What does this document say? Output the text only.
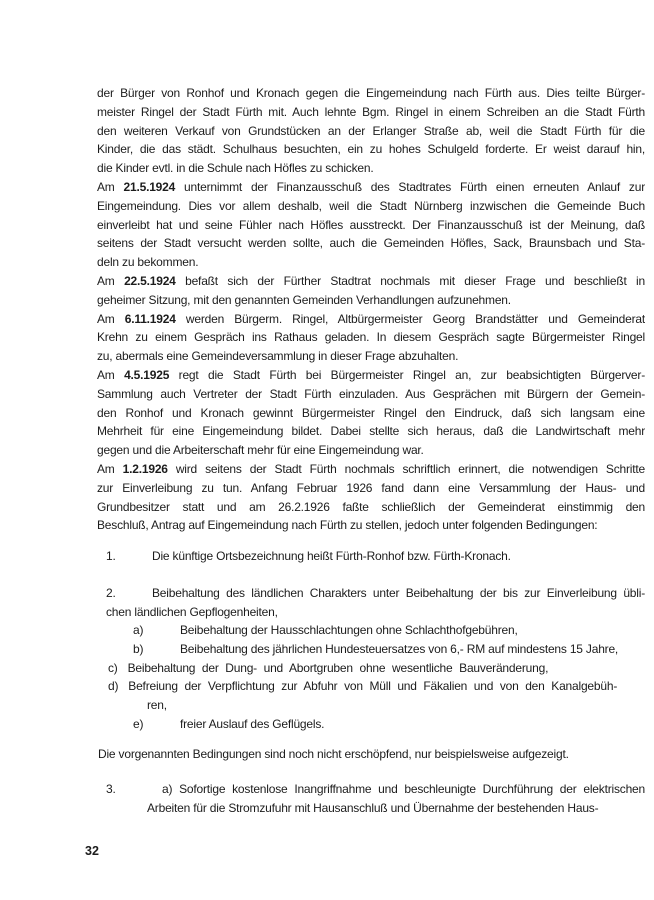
der Bürger von Ronhof und Kronach gegen die Eingemeindung nach Fürth aus. Dies teilte Bürger-
meister Ringel der Stadt Fürth mit. Auch lehnte Bgm. Ringel in einem Schreiben an die Stadt Fürth
den weiteren Verkauf von Grundstücken an der Erlanger Straße ab, weil die Stadt Fürth für die
Kinder, die das städt. Schulhaus besuchten, ein zu hohes Schulgeld forderte. Er weist darauf hin,
die Kinder evtl. in die Schule nach Höfles zu schicken.
Am 21.5.1924 unternimmt der Finanzausschuß des Stadtrates Fürth einen erneuten Anlauf zur
Eingemeindung. Dies vor allem deshalb, weil die Stadt Nürnberg inzwischen die Gemeinde Buch
einverleibt hat und seine Fühler nach Höfles ausstreckt. Der Finanzausschuß ist der Meinung, daß
seitens der Stadt versucht werden sollte, auch die Gemeinden Höfles, Sack, Braunsbach und Sta-
deln zu bekommen.
Am 22.5.1924 befaßt sich der Fürther Stadtrat nochmals mit dieser Frage und beschließt in
geheimer Sitzung, mit den genannten Gemeinden Verhandlungen aufzunehmen.
Am 6.11.1924 werden Bürgerm. Ringel, Altbürgermeister Georg Brandstätter und Gemeinderat
Krehn zu einem Gespräch ins Rathaus geladen. In diesem Gespräch sagte Bürgermeister Ringel
zu, abermals eine Gemeindeversammlung in dieser Frage abzuhalten.
Am 4.5.1925 regt die Stadt Fürth bei Bürgermeister Ringel an, zur beabsichtigten Bürgerver-
Sammlung auch Vertreter der Stadt Fürth einzuladen. Aus Gesprächen mit Bürgern der Gemein-
den Ronhof und Kronach gewinnt Bürgermeister Ringel den Eindruck, daß sich langsam eine
Mehrheit für eine Eingemeindung bildet. Dabei stellte sich heraus, daß die Landwirtschaft mehr
gegen und die Arbeiterschaft mehr für eine Eingemeindung war.
Am 1.2.1926 wird seitens der Stadt Fürth nochmals schriftlich erinnert, die notwendigen Schritte
zur Einverleibung zu tun. Anfang Februar 1926 fand dann eine Versammlung der Haus- und
Grundbesitzer statt und am 26.2.1926 faßte schließlich der Gemeinderat einstimmig den
Beschluß, Antrag auf Eingemeindung nach Fürth zu stellen, jedoch unter folgenden Bedingungen:
1.	Die künftige Ortsbezeichnung heißt Fürth-Ronhof bzw. Fürth-Kronach.
2.	Beibehaltung des ländlichen Charakters unter Beibehaltung der bis zur Einverleibung übli-
chen ländlichen Gepflogenheiten,
a)	Beibehaltung der Hausschlachtungen ohne Schlachthofgebühren,
b)	Beibehaltung des jährlichen Hundesteuersatzes von 6,- RM auf mindestens 15 Jahre,
c) Beibehaltung der Dung- und Abortgruben ohne wesentliche Bauveränderung,
d) Befreiung der Verpflichtung zur Abfuhr von Müll und Fäkalien und von den Kanalgebüh-
ren,
e)	freier Auslauf des Geflügels.
Die vorgenannten Bedingungen sind noch nicht erschöpfend, nur beispielsweise aufgezeigt.
3.	a) Sofortige kostenlose Inangriffnahme und beschleunigte Durchführung der elektrischen
Arbeiten für die Stromzufuhr mit Hausanschluß und Übernahme der bestehenden Haus-
32
